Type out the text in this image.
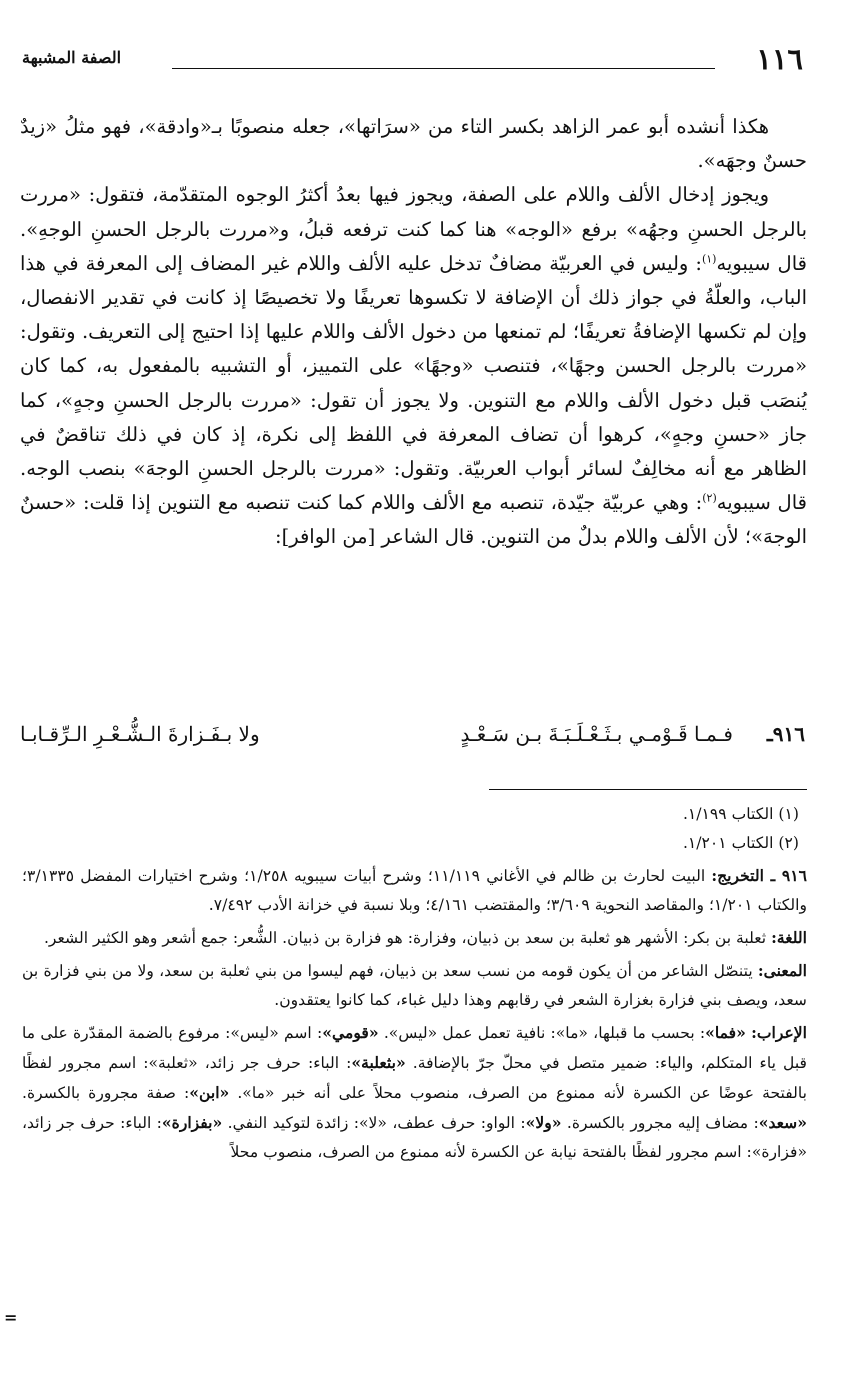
١١٦
الصفة المشبهة

هكذا أنشده أبو عمر الزاهد بكسر التاء من «سرَاتها»، جعله منصوبًا بـ«وادقة»، فهو مثلُ «زيدٌ حسنٌ وجهَه».

ويجوز إدخال الألف واللام على الصفة، ويجوز فيها بعدُ أكثرُ الوجوه المتقدّمة، فتقول: «مررت بالرجل الحسنِ وجهُه» برفع «الوجه» هنا كما كنت ترفعه قبلُ، و«مررت بالرجل الحسنِ الوجهِ». قال سيبويه$^{(١)}$: وليس في العربيّة مضافٌ تدخل عليه الألف واللام غير المضاف إلى المعرفة في هذا الباب، والعلّةُ في جواز ذلك أن الإضافة لا تكسوها تعريفًا ولا تخصيصًا إذ كانت في تقدير الانفصال، وإن لم تكسها الإضافةُ تعريفًا؛ لم تمنعها من دخول الألف واللام عليها إذا احتيج إلى التعريف. وتقول: «مررت بالرجل الحسن وجهًا»، فتنصب «وجهًا» على التمييز، أو التشبيه بالمفعول به، كما كان يُنصَب قبل دخول الألف واللام مع التنوين. ولا يجوز أن تقول: «مررت بالرجل الحسنِ وجهٍ»، كما جاز «حسنِ وجهٍ»، كرهوا أن تضاف المعرفة في اللفظ إلى نكرة، إذ كان في ذلك تناقضٌ في الظاهر مع أنه مخالِفٌ لسائر أبواب العربيّة. وتقول: «مررت بالرجل الحسنِ الوجهَ» بنصب الوجه. قال سيبويه$^{(٢)}$: وهي عربيّة جيّدة، تنصبه مع الألف واللام كما كنت تنصبه مع التنوين إذا قلت: «حسنٌ الوجهَ»؛ لأن الألف واللام بدلٌ من التنوين. قال الشاعر [من الوافر]:

٩١٦ـ
فـمـا قَـوْمـي بـثَـعْـلَـبَـةَ بـن سَـعْـدٍ
ولا بـفَـزارةَ الـشُّـعْـرِ الـرِّقـابـا

(١) الكتاب ١/١٩٩.

(٢) الكتاب ١/٢٠١.

٩١٦ ـ التخريج: البيت لحارث بن ظالم في الأغاني ١١/١١٩؛ وشرح أبيات سيبويه ١/٢٥٨؛ وشرح اختيارات المفضل ٣/١٣٣٥؛ والكتاب ١/٢٠١؛ والمقاصد النحوية ٣/٦٠٩؛ والمقتضب ٤/١٦١؛ وبلا نسبة في خزانة الأدب ٧/٤٩٢.

اللغة: ثعلبة بن بكر: الأشهر هو ثعلبة بن سعد بن ذبيان، وفزارة: هو فزارة بن ذبيان. الشُّعر: جمع أشعر وهو الكثير الشعر.

المعنى: يتنصّل الشاعر من أن يكون قومه من نسب سعد بن ذبيان، فهم ليسوا من بني ثعلبة بن سعد، ولا من بني فزارة بن سعد، ويصف بني فزارة بغزارة الشعر في رقابهم وهذا دليل غباء، كما كانوا يعتقدون.

الإعراب: «فما»: بحسب ما قبلها، «ما»: نافية تعمل عمل «ليس». «قومي»: اسم «ليس»: مرفوع بالضمة المقدّرة على ما قبل ياء المتكلم، والياء: ضمير متصل في محلّ جرّ بالإضافة. «بثعلبة»: الباء: حرف جر زائد، «ثعلبة»: اسم مجرور لفظًا بالفتحة عوضًا عن الكسرة لأنه ممنوع من الصرف، منصوب محلاً على أنه خبر «ما». «ابن»: صفة مجرورة بالكسرة. «سعد»: مضاف إليه مجرور بالكسرة. «ولا»: الواو: حرف عطف، «لا»: زائدة لتوكيد النفي. «بفزارة»: الباء: حرف جر زائد، «فزارة»: اسم مجرور لفظًا بالفتحة نيابة عن الكسرة لأنه ممنوع من الصرف، منصوب محلاً

=
